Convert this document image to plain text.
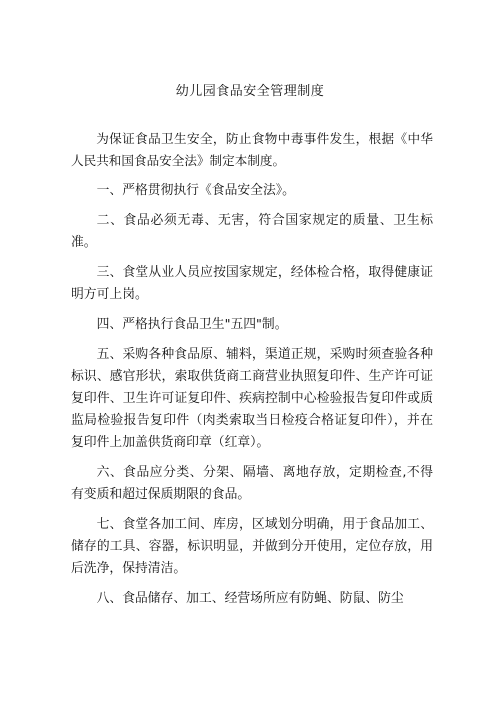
幼儿园食品安全管理制度

为保证食品卫生安全，防止食物中毒事件发生，根据《中华人民共和国食品安全法》制定本制度。

一、严格贯彻执行《食品安全法》。

二、食品必须无毒、无害，符合国家规定的质量、卫生标准。

三、食堂从业人员应按国家规定，经体检合格，取得健康证明方可上岗。

四、严格执行食品卫生"五四"制。

五、采购各种食品原、辅料，渠道正规，采购时须查验各种标识、感官形状，索取供货商工商营业执照复印件、生产许可证复印件、卫生许可证复印件、疾病控制中心检验报告复印件或质监局检验报告复印件（肉类索取当日检疫合格证复印件），并在复印件上加盖供货商印章（红章）。

六、食品应分类、分架、隔墙、离地存放，定期检查,不得有变质和超过保质期限的食品。

七、食堂各加工间、库房，区域划分明确，用于食品加工、储存的工具、容器，标识明显，并做到分开使用，定位存放，用后洗净，保持清洁。

八、食品储存、加工、经营场所应有防蝇、防鼠、防尘
